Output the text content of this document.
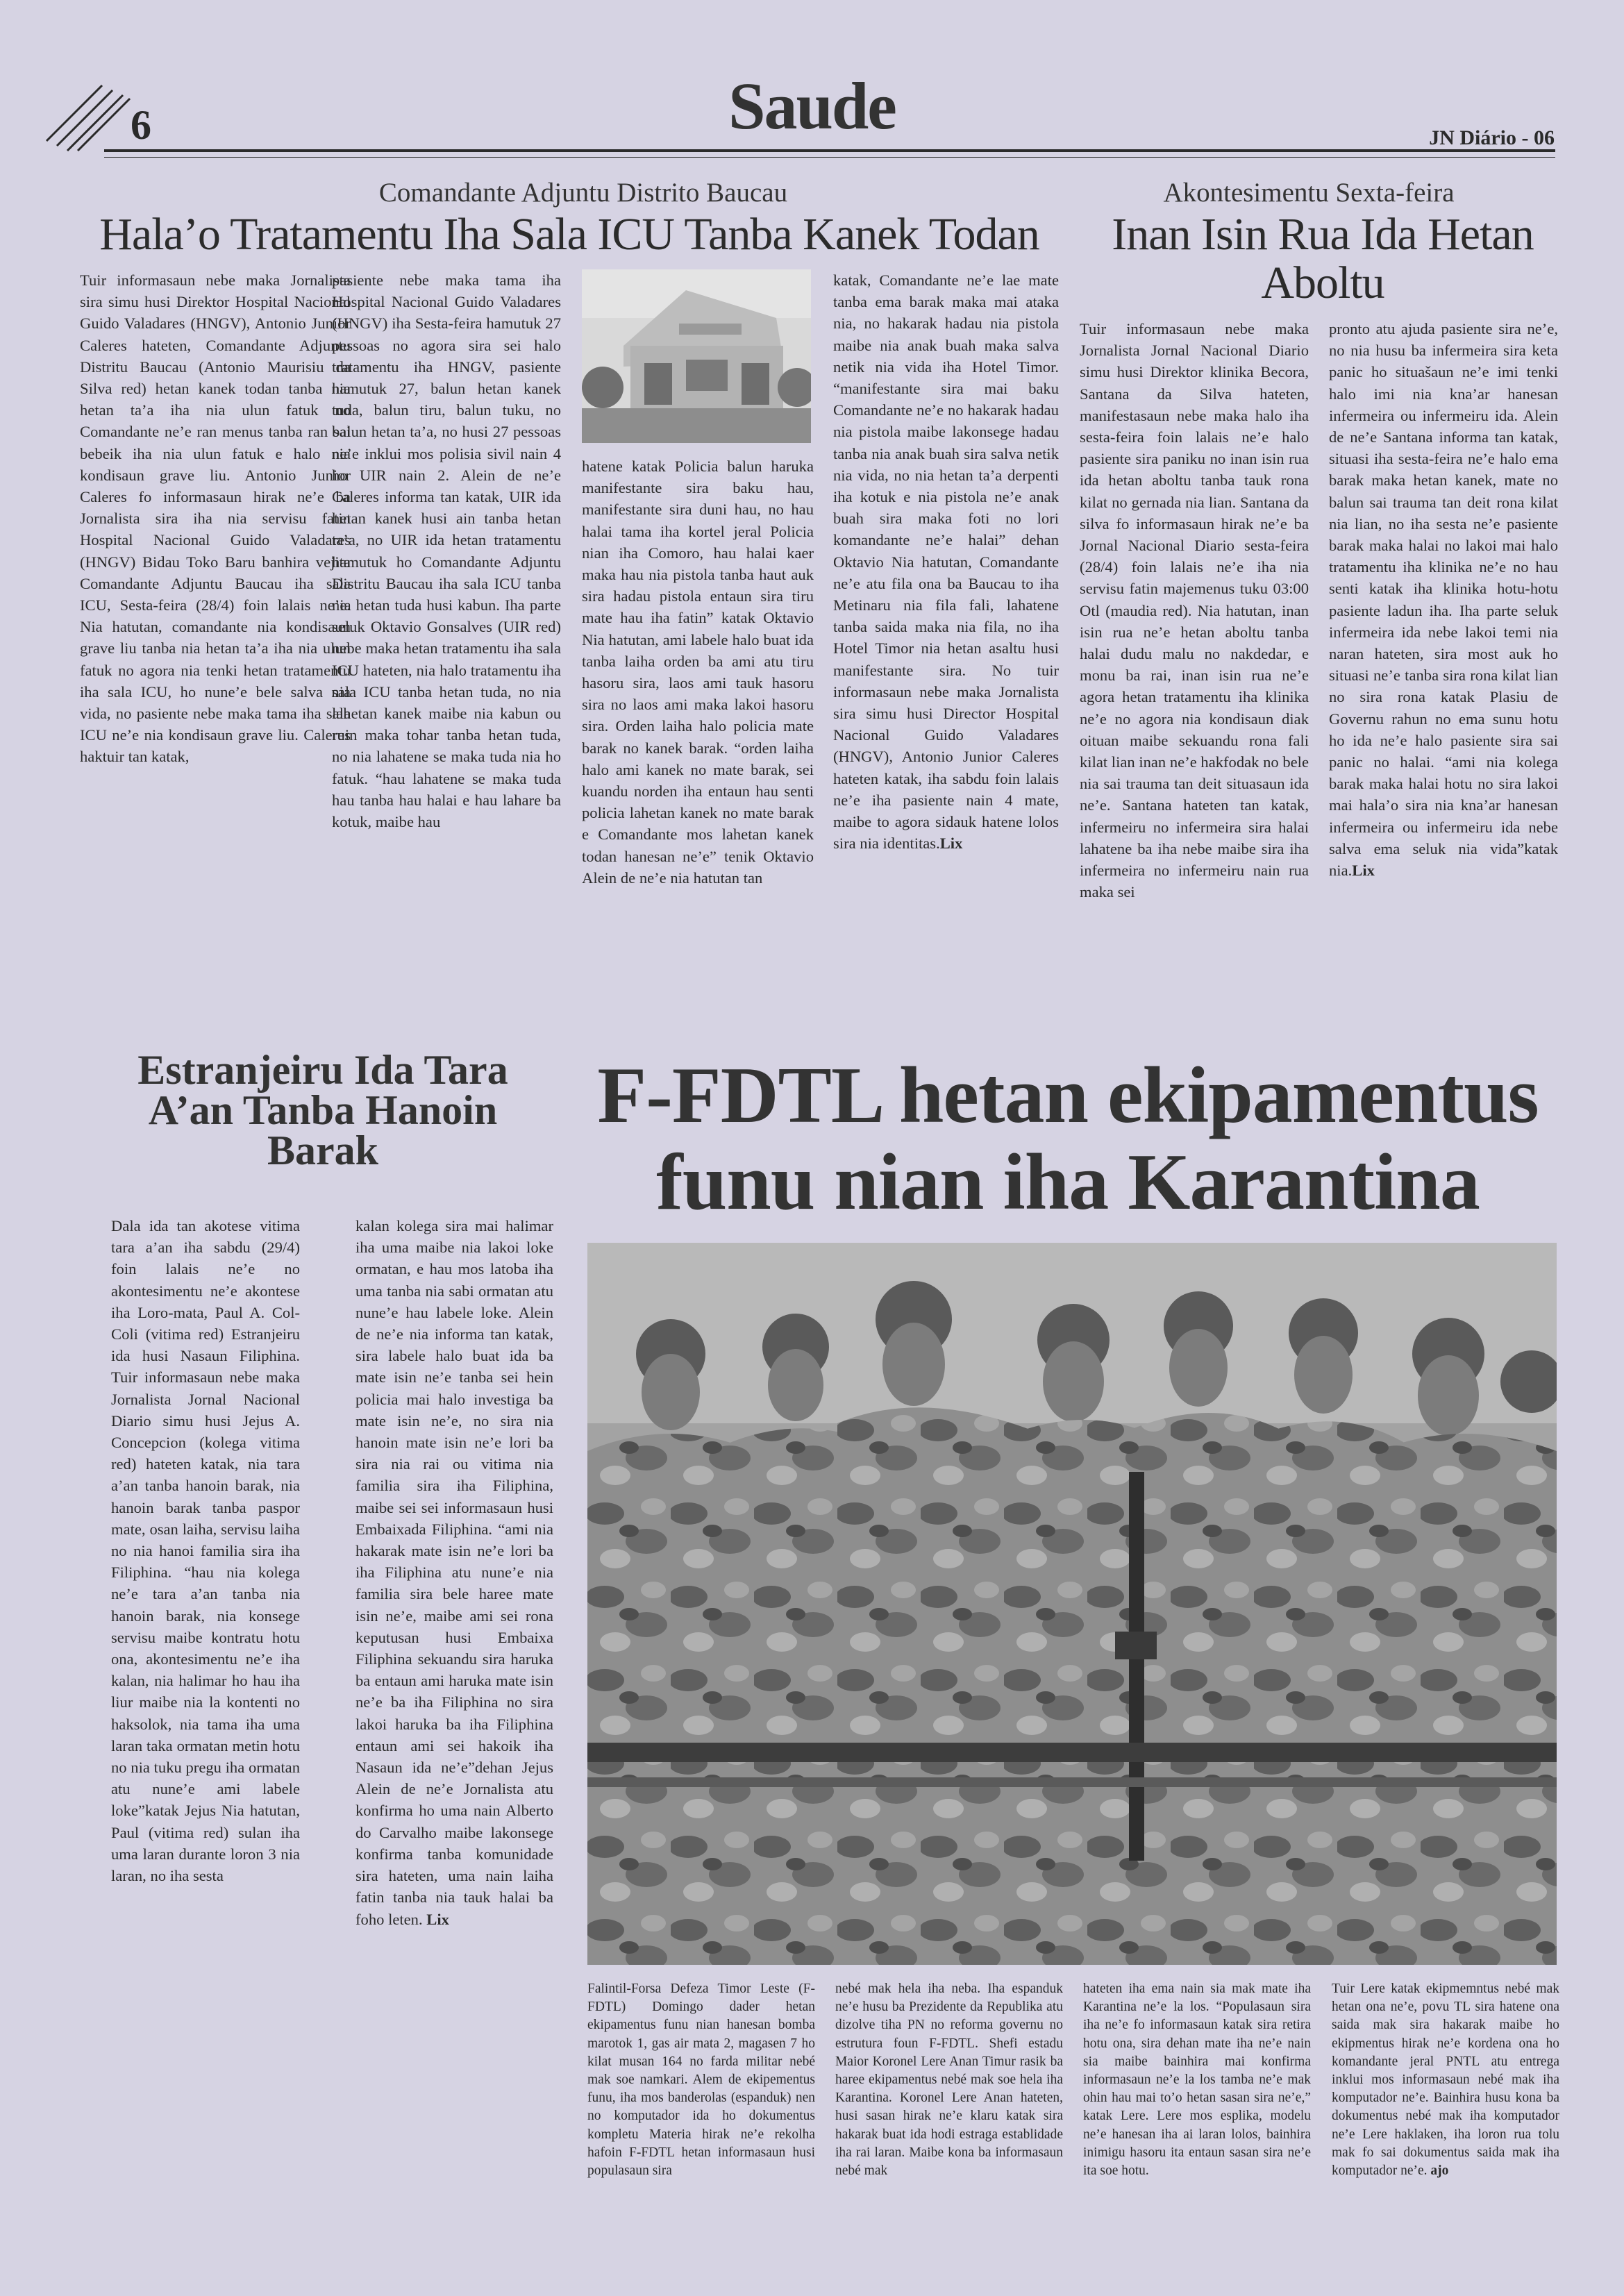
6	Saude	JN Diário - 06
Comandante Adjuntu Distrito Baucau
Hala’o Tratamentu Iha Sala ICU Tanba Kanek Todan

Tuir informasaun nebe maka Jornalista sira simu husi Direktor Hospital Nacional Guido Valadares (HNGV), Antonio Junior Caleres hateten, Comandante Adjuntu Distritu Baucau (Antonio Maurisiu da Silva red) hetan kanek todan tanba nia hetan ta’a iha nia ulun fatuk no Comandante ne’e ran menus tanba ran sai bebeik iha nia ulun fatuk e halo nia kondisaun grave liu. Antonio Junior Caleres fo informasaun hirak ne’e ba Jornalista sira iha nia servisu fatin Hospital Nacional Guido Valadares (HNGV) Bidau Toko Baru banhira vejita Comandante Adjuntu Baucau iha sala ICU, Sesta-feira (28/4) foin lalais ne’e. Nia hatutan, comandante nia kondisaun grave liu tanba nia hetan ta’a iha nia ulun fatuk no agora nia tenki hetan tratamentu iha sala ICU, ho nune’e bele salva nia vida, no pasiente nebe maka tama iha sala ICU ne’e nia kondisaun grave liu. Caleres haktuir tan katak,

pasiente nebe maka tama iha Hospital Nacional Guido Valadares (HNGV) iha Sesta-feira hamutuk 27 pessoas no agora sira sei halo tratamentu iha HNGV, pasiente hamutuk 27, balun hetan kanek tuda, balun tiru, balun tuku, no balun hetan ta’a, no husi 27 pessoas ne’e inklui mos polisia sivil nain 4 ho UIR nain 2. Alein de ne’e Caleres informa tan katak, UIR ida hetan kanek husi ain tanba hetan ta’a, no UIR ida hetan tratamentu hamutuk ho Comandante Adjuntu Distritu Baucau iha sala ICU tanba nia hetan tuda husi kabun. Iha parte seluk Oktavio Gonsalves (UIR red) nebe maka hetan tratamentu iha sala ICU hateten, nia halo tratamentu iha sala ICU tanba hetan tuda, no nia lahetan kanek maibe nia kabun ou ruin maka tohar tanba hetan tuda, no nia lahatene se maka tuda nia ho fatuk. “hau lahatene se maka tuda hau tanba hau halai e hau lahare ba kotuk, maibe hau

hatene katak Policia balun haruka manifestante sira baku hau, manifestante sira duni hau, no hau halai tama iha kortel jeral Policia nian iha Comoro, hau halai kaer maka hau nia pistola tanba haut auk sira hadau pistola entaun sira tiru mate hau iha fatin” katak Oktavio Nia hatutan, ami labele halo buat ida tanba laiha orden ba ami atu tiru hasoru sira, laos ami tauk hasoru sira no laos ami maka lakoi hasoru sira. Orden laiha halo policia mate barak no kanek barak. “orden laiha halo ami kanek no mate barak, sei kuandu norden iha entaun hau senti policia lahetan kanek no mate barak e Comandante mos lahetan kanek todan hanesan ne’e” tenik Oktavio Alein de ne’e nia hatutan tan

katak, Comandante ne’e lae mate tanba ema barak maka mai ataka nia, no hakarak hadau nia pistola maibe nia anak buah maka salva netik nia vida iha Hotel Timor. “manifestante sira mai baku Comandante ne’e no hakarak hadau nia pistola maibe lakonsege hadau tanba nia anak buah sira salva netik nia vida, no nia hetan ta’a derpenti iha kotuk e nia pistola ne’e anak buah sira maka foti no lori komandante ne’e halai” dehan Oktavio Nia hatutan, Comandante ne’e atu fila ona ba Baucau to iha Metinaru nia fila fali, lahatene tanba saida maka nia fila, no iha Hotel Timor nia hetan asaltu husi manifestante sira. No tuir informasaun nebe maka Jornalista sira simu husi Director Hospital Nacional Guido Valadares (HNGV), Antonio Junior Caleres hateten katak, iha sabdu foin lalais ne’e iha pasiente nain 4 mate, maibe to agora sidauk hatene lolos sira nia identitas.Lix

Akontesimentu Sexta-feira
Inan Isin Rua Ida Hetan
Aboltu

Tuir informasaun nebe maka Jornalista Jornal Nacional Diario simu husi Direktor klinika Becora, Santana da Silva hateten, manifestasaun nebe maka halo iha sesta-feira foin lalais ne’e halo pasiente sira paniku no inan isin rua ida hetan aboltu tanba tauk rona kilat no gernada nia lian. Santana da silva fo informasaun hirak ne’e ba Jornal Nacional Diario sesta-feira (28/4) foin lalais ne’e iha nia servisu fatin majemenus tuku 03:00 Otl (maudia red). Nia hatutan, inan isin rua ne’e hetan aboltu tanba halai dudu malu no nakdedar, e monu ba rai, inan isin rua ne’e agora hetan tratamentu iha klinika ne’e no agora nia kondisaun diak oituan maibe sekuandu rona fali kilat lian inan ne’e hakfodak no bele nia sai trauma tan deit situasaun ida ne’e. Santana hateten tan katak, infermeiru no infermeira sira halai lahatene ba iha nebe maibe sira iha infermeira no infermeiru nain rua maka sei

pronto atu ajuda pasiente sira ne’e, no nia husu ba infermeira sira keta panic ho situašaun ne’e imi tenki halo imi nia kna’ar hanesan infermeira ou infermeiru ida. Alein de ne’e Santana informa tan katak, situasi iha sesta-feira ne’e halo ema barak maka hetan kanek, mate no balun sai trauma tan deit rona kilat nia lian, no iha sesta ne’e pasiente barak maka halai no lakoi mai halo tratamentu iha klinika ne’e no hau senti katak iha klinika hotu-hotu pasiente ladun iha. Iha parte seluk infermeira ida nebe lakoi temi nia naran hateten, sira most auk ho situasi ne’e tanba sira rona kilat lian no sira rona katak Plasiu de Governu rahun no ema sunu hotu ho ida ne’e halo pasiente sira sai panic no halai. “ami nia kolega barak maka halai hotu no sira lakoi mai hala’o sira nia kna’ar hanesan infermeira ou infermeiru ida nebe salva ema seluk nia vida”katak nia.Lix

Estranjeiru Ida Tara
A’an Tanba Hanoin
Barak

Dala ida tan akotese vitima tara a’an iha sabdu (29/4) foin lalais ne’e no akontesimentu ne’e akontese iha Loro-mata, Paul A. Col-Coli (vitima red) Estranjeiru ida husi Nasaun Filiphina. Tuir informasaun nebe maka Jornalista Jornal Nacional Diario simu husi Jejus A. Concepcion (kolega vitima red) hateten katak, nia tara a’an tanba hanoin barak, nia hanoin barak tanba paspor mate, osan laiha, servisu laiha no nia hanoi familia sira iha Filiphina. “hau nia kolega ne’e tara a’an tanba nia hanoin barak, nia konsege servisu maibe kontratu hotu ona, akontesimentu ne’e iha kalan, nia halimar ho hau iha liur maibe nia la kontenti no haksolok, nia tama iha uma laran taka ormatan metin hotu no nia tuku pregu iha ormatan atu nune’e ami labele loke”katak Jejus Nia hatutan, Paul (vitima red) sulan iha uma laran durante loron 3 nia laran, no iha sesta

kalan kolega sira mai halimar iha uma maibe nia lakoi loke ormatan, e hau mos latoba iha uma tanba nia sabi ormatan atu nune’e hau labele loke. Alein de ne’e nia informa tan katak, sira labele halo buat ida ba mate isin ne’e tanba sei hein policia mai halo investiga ba mate isin ne’e, no sira nia hanoin mate isin ne’e lori ba sira nia rai ou vitima nia familia sira iha Filiphina, maibe sei sei informasaun husi Embaixada Filiphina. “ami nia hakarak mate isin ne’e lori ba iha Filiphina atu nune’e nia familia sira bele haree mate isin ne’e, maibe ami sei rona keputusan husi Embaixa Filiphina sekuandu sira haruka ba entaun ami haruka mate isin ne’e ba iha Filiphina no sira lakoi haruka ba iha Filiphina entaun ami sei hakoik iha Nasaun ida ne’e”dehan Jejus Alein de ne’e Jornalista atu konfirma ho uma nain Alberto do Carvalho maibe lakonsege konfirma tanba komunidade sira hateten, uma nain laiha fatin tanba nia tauk halai ba foho leten. Lix

F-FDTL hetan ekipamentus
funu nian iha Karantina

Falintil-Forsa Defeza Timor Leste (F-FDTL) Domingo dader hetan ekipamentus funu nian hanesan bomba marotok 1, gas air mata 2, magasen 7 ho kilat musan 164 no farda militar nebé mak soe namkari. Alem de ekipementus funu, iha mos banderolas (espanduk) nen no komputador ida ho dokumentus kompletu Materia hirak ne’e rekolha hafoin F-FDTL hetan informasaun husi populasaun sira

nebé mak hela iha neba. Iha espanduk ne’e husu ba Prezidente da Republika atu dizolve tiha PN no reforma governu no estrutura foun F-FDTL. Shefi estadu Maior Koronel Lere Anan Timur rasik ba haree ekipamentus nebé mak soe hela iha Karantina. Koronel Lere Anan hateten, husi sasan hirak ne’e klaru katak sira hakarak buat ida hodi estraga establidade iha rai laran. Maibe kona ba informasaun nebé mak

hateten iha ema nain sia mak mate iha Karantina ne’e la los. “Populasaun sira iha ne’e fo informasaun katak sira retira hotu ona, sira dehan mate iha ne’e nain sia maibe bainhira mai konfirma informasaun ne’e la los tamba ne’e mak ohin hau mai to’o hetan sasan sira ne’e,” katak Lere. Lere mos esplika, modelu ne’e hanesan iha ai laran lolos, bainhira inimigu hasoru ita entaun sasan sira ne’e ita soe hotu.

Tuir Lere katak ekipmemntus nebé mak hetan ona ne’e, povu TL sira hatene ona saida mak sira hakarak maibe ho ekipmentus hirak ne’e kordena ona ho komandante jeral PNTL atu entrega inklui mos informasaun nebé mak iha komputador ne’e. Bainhira husu kona ba dokumentus nebé mak iha komputador ne’e Lere haklaken, iha loron rua tolu mak fo sai dokumentus saida mak iha komputador ne’e. ajo
